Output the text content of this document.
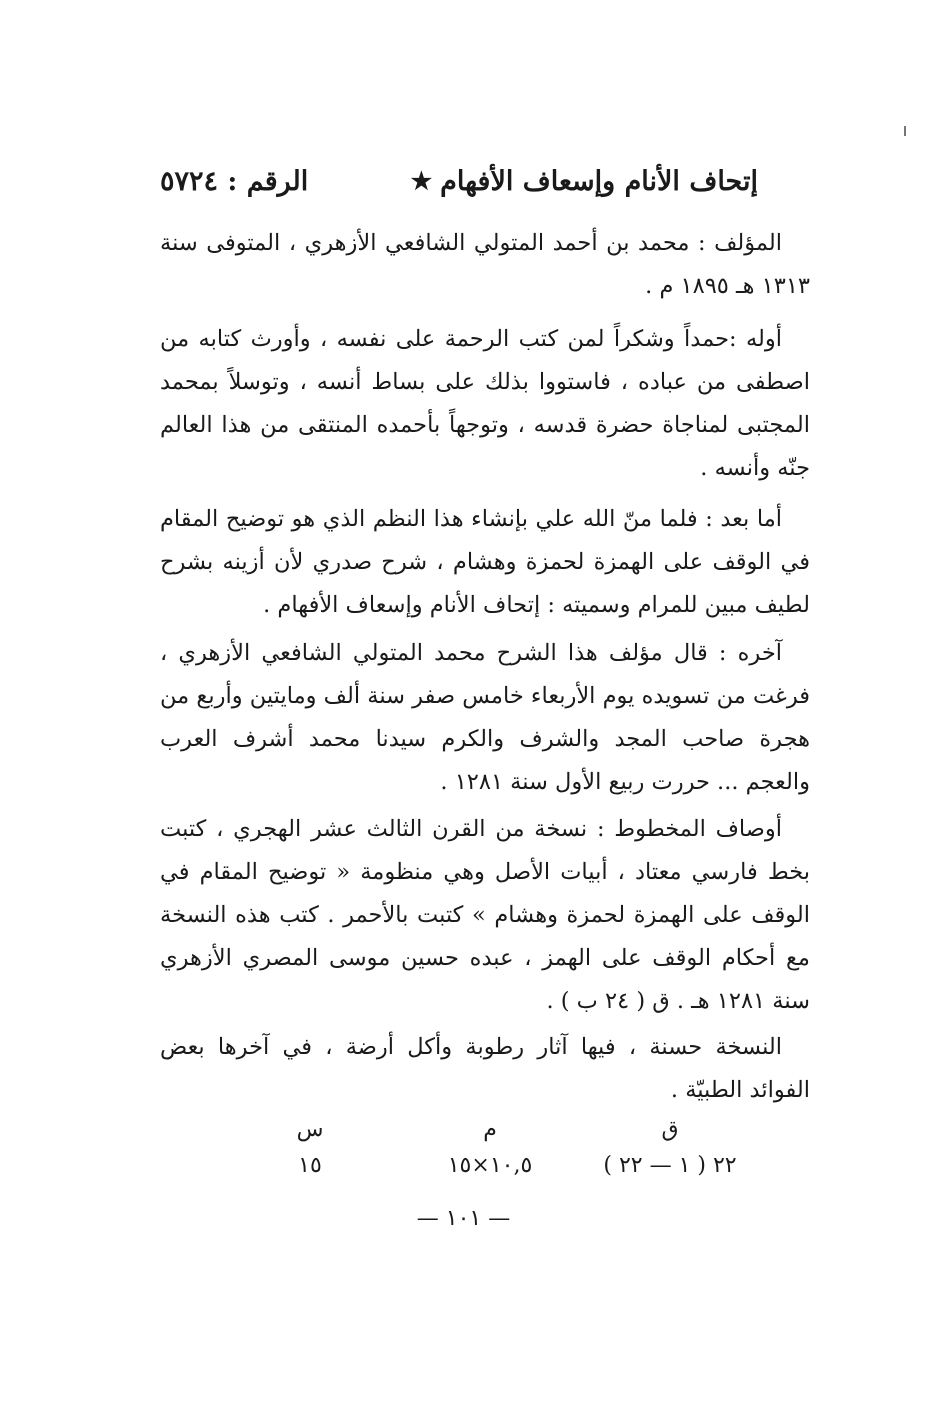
إتحاف الأنام وإسعاف الأفهام
★
الرقم : ٥٧٢٤

المؤلف : محمد بن أحمد المتولي الشافعي الأزهري ، المتوفى سنة ١٣١٣ هـ ١٨٩٥ م .

أوله :حمداً وشكراً لمن كتب الرحمة على نفسه ، وأورث كتابه من اصطفى من عباده ، فاستووا بذلك على بساط أنسه ، وتوسلاً بمحمد المجتبى لمناجاة حضرة قدسه ، وتوجهاً بأحمده المنتقى من هذا العالم جنّه وأنسه .

أما بعد : فلما منّ الله علي بإنشاء هذا النظم الذي هو توضيح المقام في الوقف على الهمزة لحمزة وهشام ، شرح صدري لأن أزينه بشرح لطيف مبين للمرام وسميته : إتحاف الأنام وإسعاف الأفهام .

آخره : قال مؤلف هذا الشرح محمد المتولي الشافعي الأزهري ، فرغت من تسويده يوم الأربعاء خامس صفر سنة ألف ومايتين وأربع من هجرة صاحب المجد والشرف والكرم سيدنا محمد أشرف العرب والعجم ... حررت ربيع الأول سنة ١٢٨١ .

أوصاف المخطوط : نسخة من القرن الثالث عشر الهجري ، كتبت بخط فارسي معتاد ، أبيات الأصل وهي منظومة « توضيح المقام في الوقف على الهمزة لحمزة وهشام » كتبت بالأحمر . كتب هذه النسخة مع أحكام الوقف على الهمز ، عبده حسين موسى المصري الأزهري سنة ١٢٨١ هـ . ق ( ٢٤ ب ) .

النسخة حسنة ، فيها آثار رطوبة وأكل أرضة ، في آخرها بعض الفوائد الطبيّة .

ق
م
س
٢٢ ( ١ — ٢٢ )
١٠,٥×١٥
١٥
— ١٠١ —
